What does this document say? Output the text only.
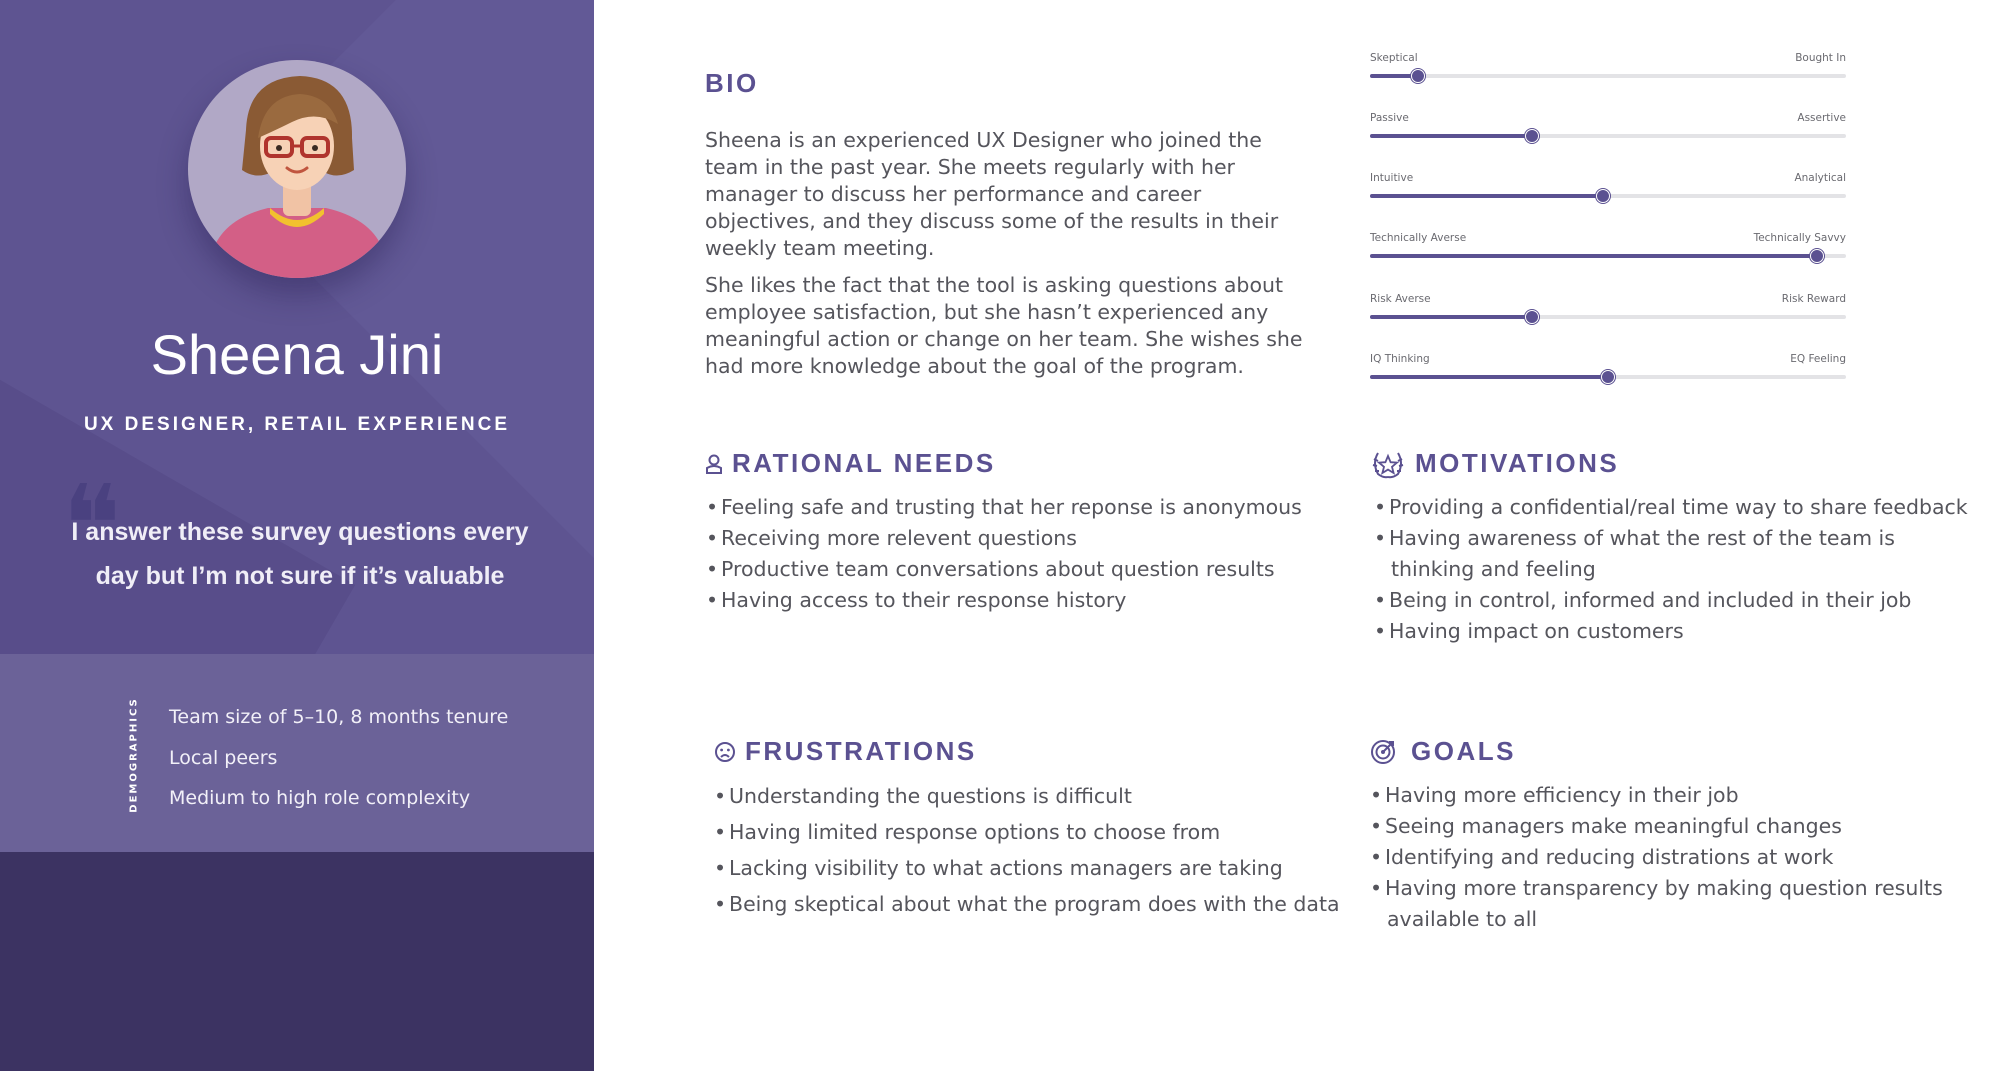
Sheena Jini
UX DESIGNER, RETAIL EXPERIENCE
❝
I answer these survey questions every
day but I’m not sure if it’s valuable
DEMOGRAPHICS Team size of 5–10, 8 months tenure
Local peers
Medium to high role complexity
BIO

Sheena is an experienced UX Designer who joined the team in the past year. She meets regularly with her manager to discuss her performance and career objectives, and they discuss some of the results in their weekly team meeting.

She likes the fact that the tool is asking questions about employee satisfaction, but she hasn’t experienced any meaningful action or change on her team. She wishes she had more knowledge about the goal of the program.

Skeptical	Bought In
Passive	Assertive
Intuitive	Analytical
Technically Averse	Technically Savvy
Risk Averse	Risk Reward
IQ Thinking	EQ Feeling
RATIONAL NEEDS
• Feeling safe and trusting that her reponse is anonymous
• Receiving more relevent questions
• Productive team conversations about question results
• Having access to their response history
MOTIVATIONS
• Providing a confidential/real time way to share feedback
• Having awareness of what the rest of the team is
thinking and feeling
• Being in control, informed and included in their job
• Having impact on customers
FRUSTRATIONS
• Understanding the questions is difficult
• Having limited response options to choose from
• Lacking visibility to what actions managers are taking
• Being skeptical about what the program does with the data
GOALS
• Having more efficiency in their job
• Seeing managers make meaningful changes
• Identifying and reducing distrations at work
• Having more transparency by making question results
available to all
